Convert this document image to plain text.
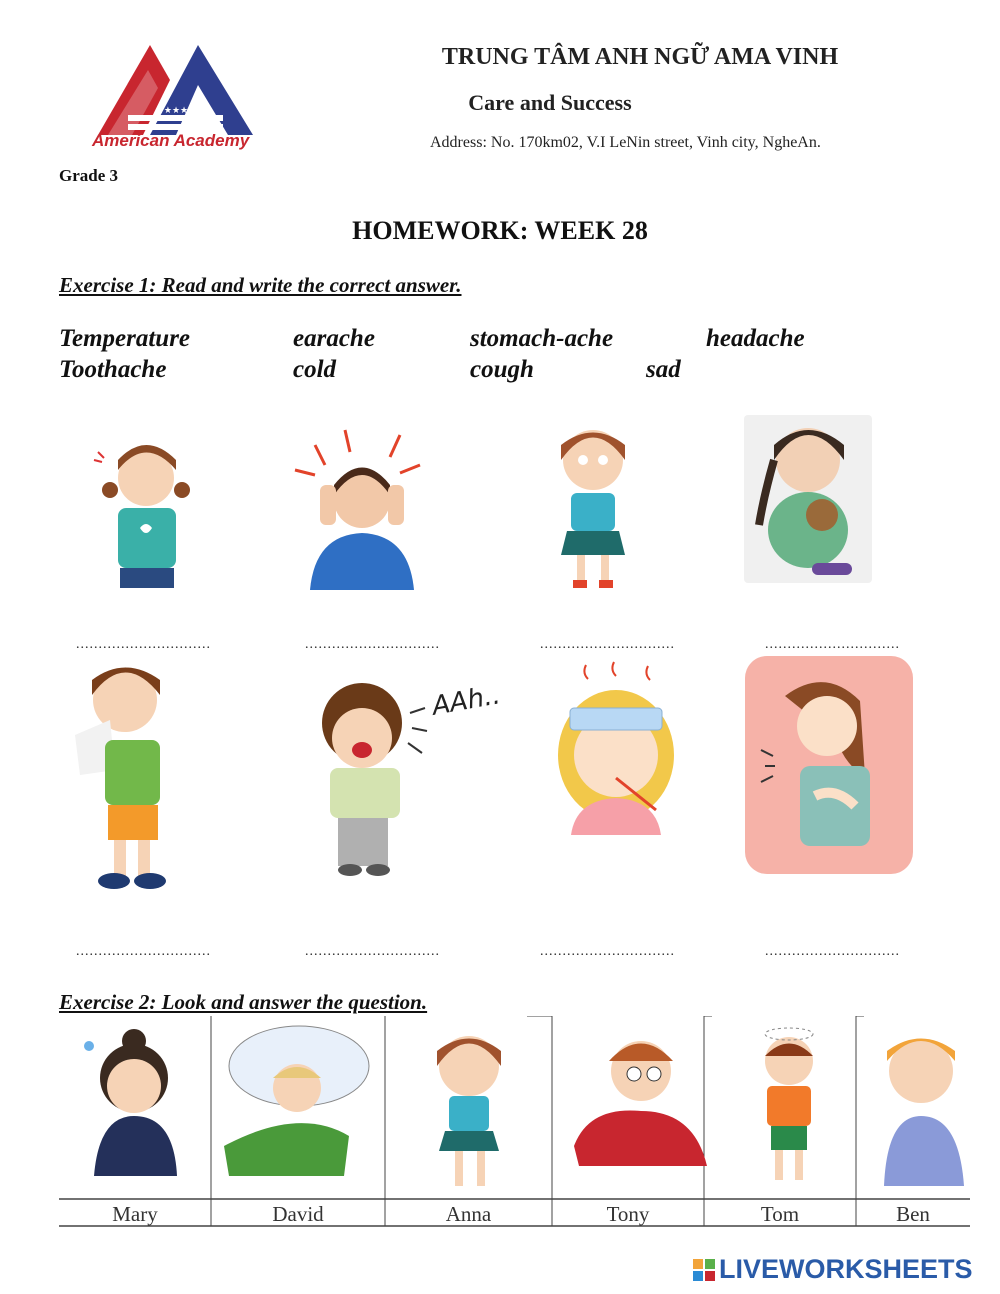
★★★★★
American Academy
TRUNG TÂM ANH NGỮ AMA VINH
Care and Success
Address: No. 170km02, V.I LeNin street, Vinh city, NgheAn.
Grade 3
HOMEWORK: WEEK 28
Exercise 1: Read and write the correct answer.
Temperature	earache	stomach-ache	headache
Toothache	cold	cough	sad
..............................	..............................	..............................	..............................
AAh..
..............................	..............................	..............................	..............................
Exercise 2: Look and answer the question.
Mary	David	Anna	Tony	Tom	Ben
LIVEWORKSHEETS
